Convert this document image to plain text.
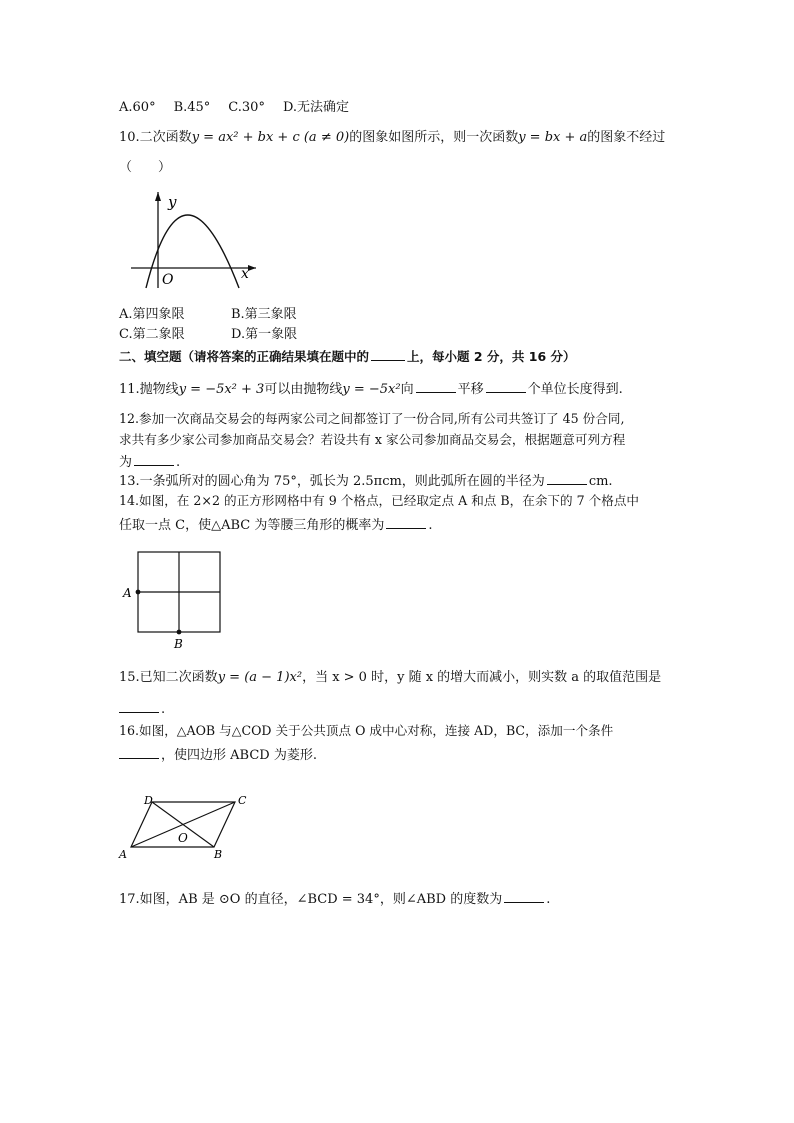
A.60° B.45° C.30° D.无法确定
10.二次函数y = ax² + bx + c (a ≠ 0)的图象如图所示，则一次函数y = bx + a的图象不经过
（　　）
y
O	x
A.第四象限	B.第三象限
C.第二象限	D.第一象限
二、填空题（请将答案的正确结果填在题中的	上，每小题 2 分，共 16 分）
11.抛物线y = −5x² + 3可以由抛物线y = −5x²向	平移	个单位长度得到.
12.参加一次商品交易会的每两家公司之间都签订了一份合同,所有公司共签订了 45 份合同,
求共有多少家公司参加商品交易会？若设共有 x 家公司参加商品交易会，根据题意可列方程
为	.
13.一条弧所对的圆心角为 75°，弧长为 2.5πcm，则此弧所在圆的半径为	cm.
14.如图，在 2×2 的正方形网格中有 9 个格点，已经取定点 A 和点 B，在余下的 7 个格点中
任取一点 C，使△ABC 为等腰三角形的概率为	.
A
B
15.已知二次函数y = (a − 1)x²，当 x > 0 时，y 随 x 的增大而减小，则实数 a 的取值范围是
.
16.如图，△AOB 与△COD 关于公共顶点 O 成中心对称，连接 AD，BC，添加一个条件
，使四边形 ABCD 为菱形.
D	C
O
A	B
17.如图，AB 是 ⊙O 的直径，∠BCD = 34°，则∠ABD 的度数为	.
